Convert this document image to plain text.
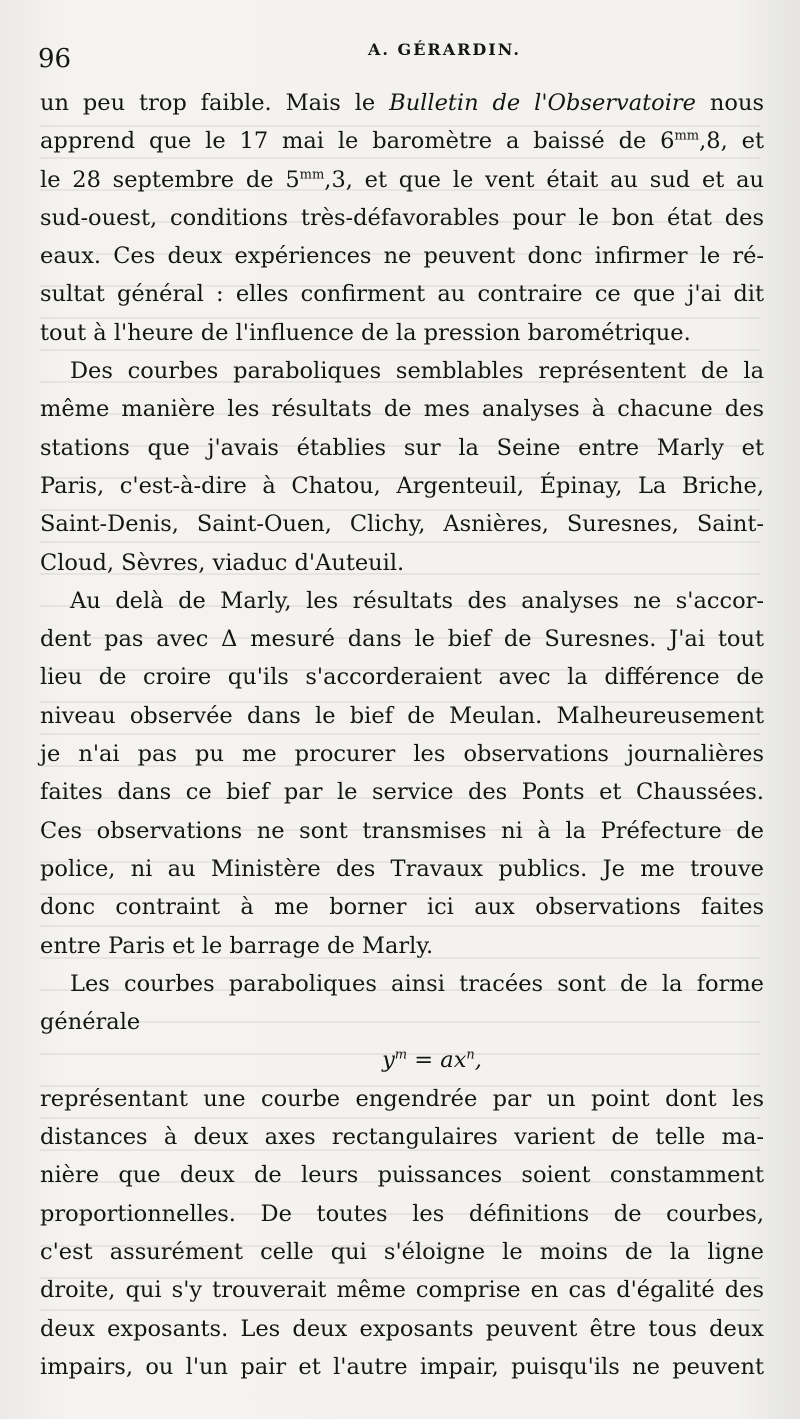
96	A. GÉRARDIN.

un peu trop faible. Mais le Bulletin de l'Observatoire nous
apprend que le 17 mai le baromètre a baissé de $6^{mm},8$, et
le 28 septembre de $5^{mm},3$, et que le vent était au sud et au
sud-ouest, conditions très-défavorables pour le bon état des
eaux. Ces deux expériences ne peuvent donc infirmer le ré-
sultat général : elles confirment au contraire ce que j'ai dit
tout à l'heure de l'influence de la pression barométrique.

Des courbes paraboliques semblables représentent de la
même manière les résultats de mes analyses à chacune des
stations que j'avais établies sur la Seine entre Marly et
Paris, c'est-à-dire à Chatou, Argenteuil, Épinay, La Briche,
Saint-Denis, Saint-Ouen, Clichy, Asnières, Suresnes, Saint-
Cloud, Sèvres, viaduc d'Auteuil.

Au delà de Marly, les résultats des analyses ne s'accor-
dent pas avec Δ mesuré dans le bief de Suresnes. J'ai tout
lieu de croire qu'ils s'accorderaient avec la différence de
niveau observée dans le bief de Meulan. Malheureusement
je n'ai pas pu me procurer les observations journalières
faites dans ce bief par le service des Ponts et Chaussées.
Ces observations ne sont transmises ni à la Préfecture de
police, ni au Ministère des Travaux publics. Je me trouve
donc contraint à me borner ici aux observations faites
entre Paris et le barrage de Marly.

Les courbes paraboliques ainsi tracées sont de la forme
générale
$y^m = ax^n$,

représentant une courbe engendrée par un point dont les
distances à deux axes rectangulaires varient de telle ma-
nière que deux de leurs puissances soient constamment
proportionnelles. De toutes les définitions de courbes,
c'est assurément celle qui s'éloigne le moins de la ligne
droite, qui s'y trouverait même comprise en cas d'égalité des
deux exposants. Les deux exposants peuvent être tous deux
impairs, ou l'un pair et l'autre impair, puisqu'ils ne peuvent
